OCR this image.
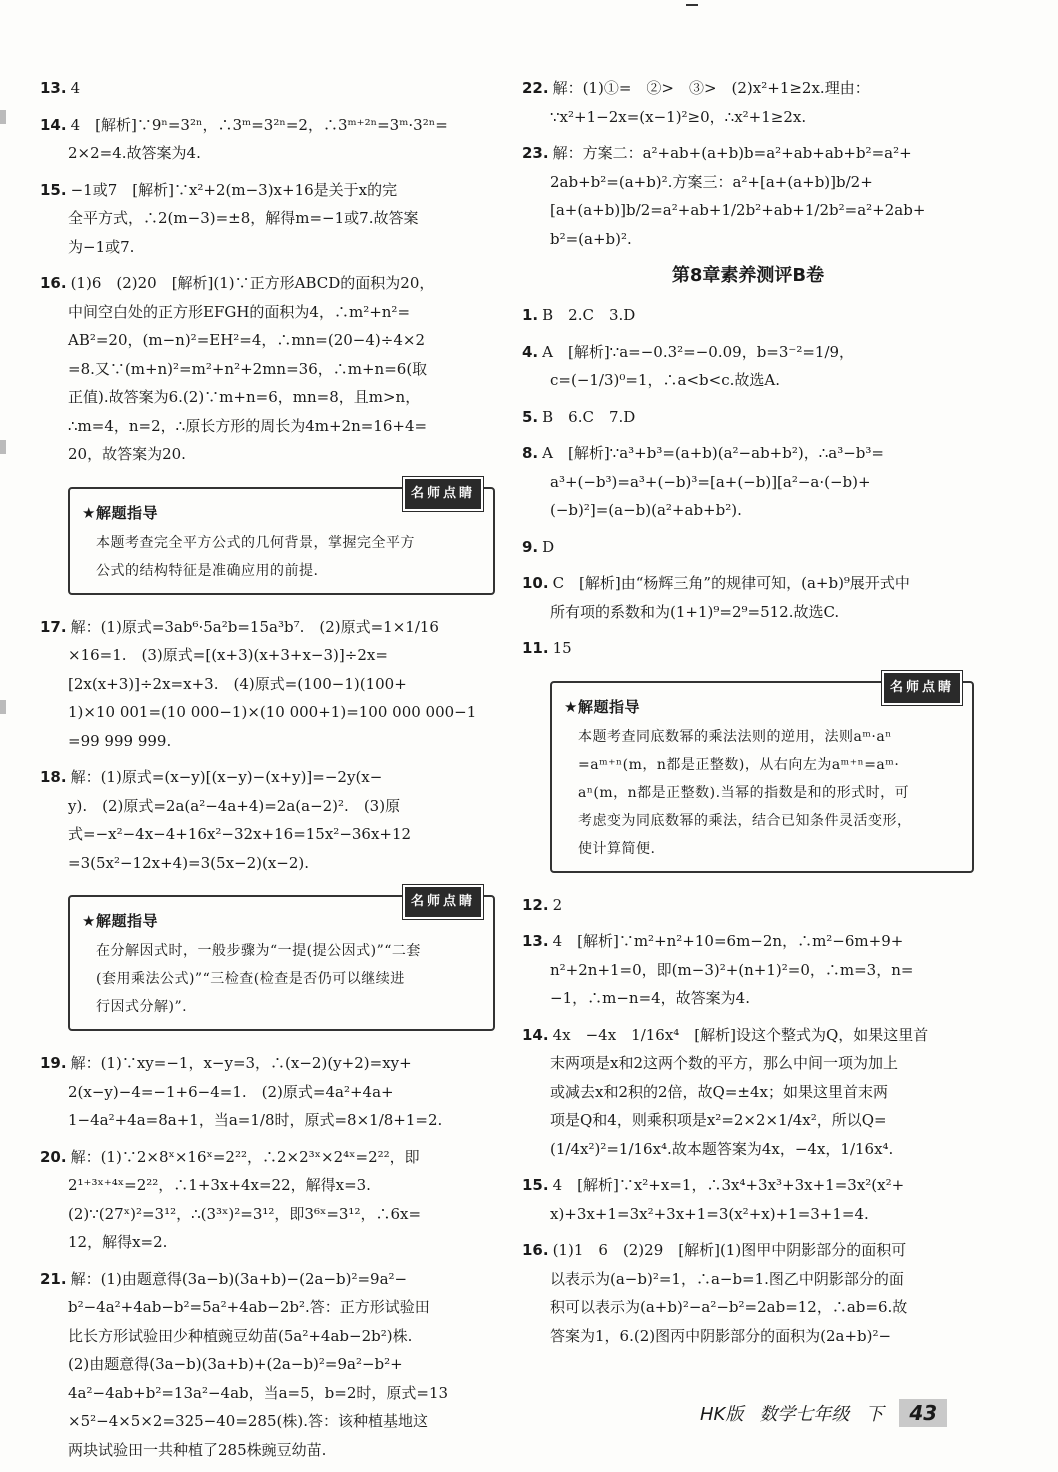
13. 4
14. 4　[解析]∵9ⁿ=3²ⁿ，∴3ᵐ=3²ⁿ=2，∴3ᵐ⁺²ⁿ=3ᵐ·3²ⁿ=
2×2=4.故答案为4.
15. −1或7　[解析]∵x²+2(m−3)x+16是关于x的完
全平方式，∴2(m−3)=±8，解得m=−1或7.故答案
为−1或7.
16. (1)6　(2)20　[解析](1)∵正方形ABCD的面积为20，
中间空白处的正方形EFGH的面积为4，∴m²+n²=
AB²=20，(m−n)²=EH²=4，∴mn=(20−4)÷4×2
=8.又∵(m+n)²=m²+n²+2mn=36，∴m+n=6(取
正值).故答案为6.(2)∵m+n=6，mn=8，且m>n，
∴m=4，n=2，∴原长方形的周长为4m+2n=16+4=
20，故答案为20.
名师点睛
★解题指导

本题考查完全平方公式的几何背景，掌握完全平方
公式的结构特征是准确应用的前提.

17. 解：(1)原式=3ab⁶·5a²b=15a³b⁷.　(2)原式=1×1/16
×16=1.　(3)原式=[(x+3)(x+3+x−3)]÷2x=
[2x(x+3)]÷2x=x+3.　(4)原式=(100−1)(100+
1)×10 001=(10 000−1)×(10 000+1)=100 000 000−1
=99 999 999.
18. 解：(1)原式=(x−y)[(x−y)−(x+y)]=−2y(x−
y).　(2)原式=2a(a²−4a+4)=2a(a−2)².　(3)原
式=−x²−4x−4+16x²−32x+16=15x²−36x+12
=3(5x²−12x+4)=3(5x−2)(x−2).
名师点睛
★解题指导

在分解因式时，一般步骤为“一提(提公因式)”“二套
(套用乘法公式)”“三检查(检查是否仍可以继续进
行因式分解)”.

19. 解：(1)∵xy=−1，x−y=3，∴(x−2)(y+2)=xy+
2(x−y)−4=−1+6−4=1.　(2)原式=4a²+4a+
1−4a²+4a=8a+1，当a=1/8时，原式=8×1/8+1=2.
20. 解：(1)∵2×8ˣ×16ˣ=2²²，∴2×2³ˣ×2⁴ˣ=2²²，即
2¹⁺³ˣ⁺⁴ˣ=2²²，∴1+3x+4x=22，解得x=3.
(2)∵(27ˣ)²=3¹²，∴(3³ˣ)²=3¹²，即3⁶ˣ=3¹²，∴6x=
12，解得x=2.
21. 解：(1)由题意得(3a−b)(3a+b)−(2a−b)²=9a²−
b²−4a²+4ab−b²=5a²+4ab−2b².答：正方形试验田
比长方形试验田少种植豌豆幼苗(5a²+4ab−2b²)株.
(2)由题意得(3a−b)(3a+b)+(2a−b)²=9a²−b²+
4a²−4ab+b²=13a²−4ab，当a=5，b=2时，原式=13
×5²−4×5×2=325−40=285(株).答：该种植基地这
两块试验田一共种植了285株豌豆幼苗.
22. 解：(1)①=　②>　③>　(2)x²+1≥2x.理由：
∵x²+1−2x=(x−1)²≥0，∴x²+1≥2x.
23. 解：方案二：a²+ab+(a+b)b=a²+ab+ab+b²=a²+
2ab+b²=(a+b)².方案三：a²+[a+(a+b)]b/2+
[a+(a+b)]b/2=a²+ab+1/2b²+ab+1/2b²=a²+2ab+
b²=(a+b)².
第8章素养测评B卷
1. B　2.C　3.D
4. A　[解析]∵a=−0.3²=−0.09，b=3⁻²=1/9，
c=(−1/3)⁰=1，∴a<b<c.故选A.
5. B　6.C　7.D
8. A　[解析]∵a³+b³=(a+b)(a²−ab+b²)，∴a³−b³=
a³+(−b³)=a³+(−b)³=[a+(−b)][a²−a·(−b)+
(−b)²]=(a−b)(a²+ab+b²).
9. D
10. C　[解析]由“杨辉三角”的规律可知，(a+b)⁹展开式中
所有项的系数和为(1+1)⁹=2⁹=512.故选C.
11. 15
名师点睛
★解题指导

本题考查同底数幂的乘法法则的逆用，法则aᵐ·aⁿ
=aᵐ⁺ⁿ(m，n都是正整数)，从右向左为aᵐ⁺ⁿ=aᵐ·
aⁿ(m，n都是正整数).当幂的指数是和的形式时，可
考虑变为同底数幂的乘法，结合已知条件灵活变形，
使计算简便.

12. 2
13. 4　[解析]∵m²+n²+10=6m−2n，∴m²−6m+9+
n²+2n+1=0，即(m−3)²+(n+1)²=0，∴m=3，n=
−1，∴m−n=4，故答案为4.
14. 4x　−4x　1/16x⁴　[解析]设这个整式为Q，如果这里首
末两项是x和2这两个数的平方，那么中间一项为加上
或减去x和2积的2倍，故Q=±4x；如果这里首末两
项是Q和4，则乘积项是x²=2×2×1/4x²，所以Q=
(1/4x²)²=1/16x⁴.故本题答案为4x，−4x，1/16x⁴.
15. 4　[解析]∵x²+x=1，∴3x⁴+3x³+3x+1=3x²(x²+
x)+3x+1=3x²+3x+1=3(x²+x)+1=3+1=4.
16. (1)1　6　(2)29　[解析](1)图甲中阴影部分的面积可
以表示为(a−b)²=1，∴a−b=1.图乙中阴影部分的面
积可以表示为(a+b)²−a²−b²=2ab=12，∴ab=6.故
答案为1，6.(2)图丙中阴影部分的面积为(2a+b)²−
HK版 数学七年级 下	43
